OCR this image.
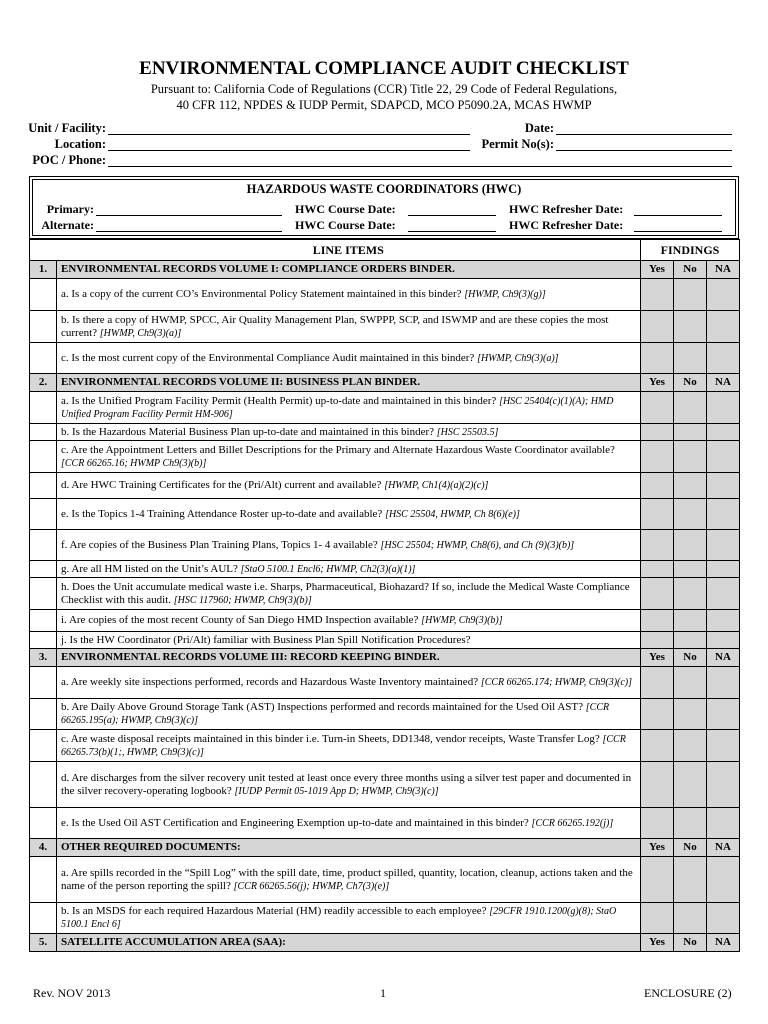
ENVIRONMENTAL COMPLIANCE AUDIT CHECKLIST
Pursuant to: California Code of Regulations (CCR) Title 22, 29 Code of Federal Regulations,
40 CFR 112, NPDES & IUDP Permit, SDAPCD, MCO P5090.2A, MCAS HWMP
Unit / Facility:
Location:
POC / Phone:
Date:
Permit No(s):
HAZARDOUS WASTE COORDINATORS (HWC)
Primary:
Alternate:
HWC Course Date:
HWC Course Date:
HWC Refresher Date:
HWC Refresher Date:
	LINE ITEMS	FINDINGS		
1.	ENVIRONMENTAL RECORDS VOLUME I: COMPLIANCE ORDERS BINDER.	Yes	No	NA
	a. Is a copy of the current CO’s Environmental Policy Statement maintained in this binder? [HWMP, Ch9(3)(g)]			
	b. Is there a copy of HWMP, SPCC, Air Quality Management Plan, SWPPP, SCP, and ISWMP and are these copies the most current? [HWMP, Ch9(3)(a)]			
	c. Is the most current copy of the Environmental Compliance Audit maintained in this binder? [HWMP, Ch9(3)(a)]			
2.	ENVIRONMENTAL RECORDS VOLUME II: BUSINESS PLAN BINDER.	Yes	No	NA
	a. Is the Unified Program Facility Permit (Health Permit) up-to-date and maintained in this binder? [HSC 25404(c)(1)(A); HMD Unified Program Facility Permit HM-906]			
	b. Is the Hazardous Material Business Plan up-to-date and maintained in this binder? [HSC 25503.5]			
	c. Are the Appointment Letters and Billet Descriptions for the Primary and Alternate Hazardous Waste Coordinator available? [CCR 66265.16; HWMP Ch9(3)(b)]			
	d. Are HWC Training Certificates for the (Pri/Alt) current and available? [HWMP, Ch1(4)(a)(2)(c)]			
	e. Is the Topics 1-4 Training Attendance Roster up-to-date and available? [HSC 25504, HWMP, Ch 8(6)(e)]			
	f. Are copies of the Business Plan Training Plans, Topics 1- 4 available? [HSC 25504; HWMP, Ch8(6), and Ch (9)(3)(b)]			
	g. Are all HM listed on the Unit’s AUL? [StaO 5100.1 Encl6; HWMP, Ch2(3)(a)(1)]			
	h. Does the Unit accumulate medical waste i.e. Sharps, Pharmaceutical, Biohazard? If so, include the Medical Waste Compliance Checklist with this audit. [HSC 117960; HWMP, Ch9(3)(b)]			
	i. Are copies of the most recent County of San Diego HMD Inspection available? [HWMP, Ch9(3)(b)]			
	j. Is the HW Coordinator (Pri/Alt) familiar with Business Plan Spill Notification Procedures?			
3.	ENVIRONMENTAL RECORDS VOLUME III: RECORD KEEPING BINDER.	Yes	No	NA
	a. Are weekly site inspections performed, records and Hazardous Waste Inventory maintained? [CCR 66265.174; HWMP, Ch9(3)(c)]			
	b. Are Daily Above Ground Storage Tank (AST) Inspections performed and records maintained for the Used Oil AST? [CCR 66265.195(a); HWMP, Ch9(3)(c)]			
	c. Are waste disposal receipts maintained in this binder i.e. Turn-in Sheets, DD1348, vendor receipts, Waste Transfer Log? [CCR 66265.73(b)(1;, HWMP, Ch9(3)(c)]			
	d. Are discharges from the silver recovery unit tested at least once every three months using a silver test paper and documented in the silver recovery-operating logbook? [IUDP Permit 05-1019 App D; HWMP, Ch9(3)(c)]			
	e. Is the Used Oil AST Certification and Engineering Exemption up-to-date and maintained in this binder? [CCR 66265.192(j)]			
4.	OTHER REQUIRED DOCUMENTS:	Yes	No	NA
	a. Are spills recorded in the “Spill Log” with the spill date, time, product spilled, quantity, location, cleanup, actions taken and the name of the person reporting the spill? [CCR 66265.56(j); HWMP, Ch7(3)(e)]			
	b. Is an MSDS for each required Hazardous Material (HM) readily accessible to each employee? [29CFR 1910.1200(g)(8); StaO 5100.1 Encl 6]			
5.	SATELLITE ACCUMULATION AREA (SAA):	Yes	No	NA
Rev. NOV 2013	1	ENCLOSURE (2)
